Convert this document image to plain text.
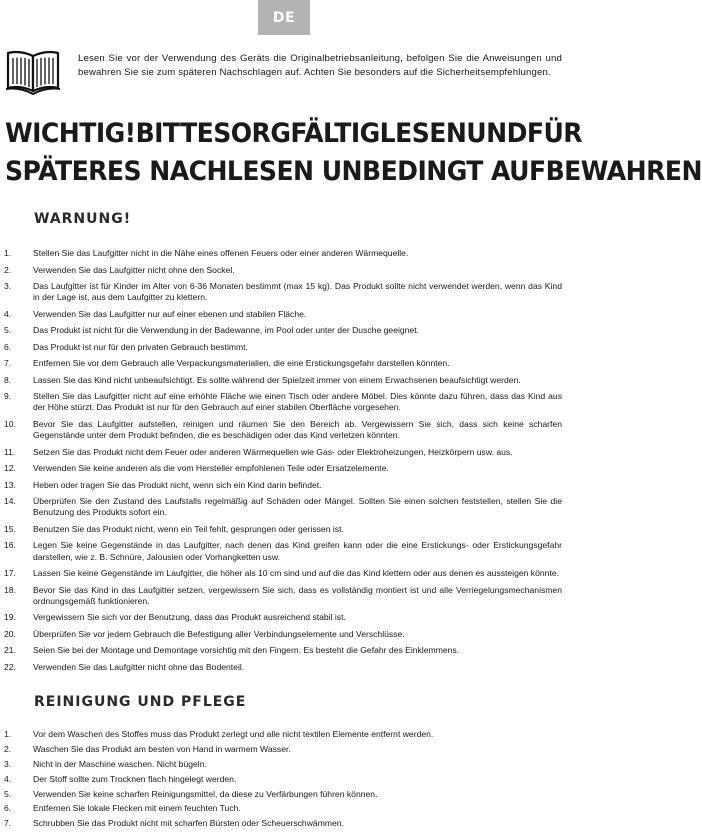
DE
Lesen Sie vor der Verwendung des Geräts die Originalbetriebsanleitung, befolgen Sie die Anweisungen und bewahren Sie sie zum späteren Nachschlagen auf. Achten Sie besonders auf die Sicherheitsempfehlungen.
WICHTIG! BITTE SORGFÄLTIG LESEN UND FÜR
SPÄTERES NACHLESEN UNBEDINGT AUFBEWAHREN
WARNUNG!
1.	Stellen Sie das Laufgitter nicht in die Nähe eines offenen Feuers oder einer anderen Wärmequelle.
2.	Verwenden Sie das Laufgitter nicht ohne den Sockel.
3.	Das Laufgitter ist für Kinder im Alter von 6-36 Monaten bestimmt (max 15 kg). Das Produkt sollte nicht verwendet werden, wenn das Kind in der Lage ist, aus dem Laufgitter zu klettern.
4.	Verwenden Sie das Laufgitter nur auf einer ebenen und stabilen Fläche.
5.	Das Produkt ist nicht für die Verwendung in der Badewanne, im Pool oder unter der Dusche geeignet.
6.	Das Produkt ist nur für den privaten Gebrauch bestimmt.
7.	Entfernen Sie vor dem Gebrauch alle Verpackungsmaterialien, die eine Erstickungsgefahr darstellen könnten.
8.	Lassen Sie das Kind nicht unbeaufsichtigt. Es sollte während der Spielzeit immer von einem Erwachsenen beaufsichtigt werden.
9.	Stellen Sie das Laufgitter nicht auf eine erhöhte Fläche wie einen Tisch oder andere Möbel. Dies könnte dazu führen, dass das Kind aus der Höhe stürzt. Das Produkt ist nur für den Gebrauch auf einer stabilen Oberfläche vorgesehen.
10. Bevor Sie das Laufgitter aufstellen, reinigen und räumen Sie den Bereich ab. Vergewissern Sie sich, dass sich keine scharfen Gegenstände unter dem Produkt befinden, die es beschädigen oder das Kind verletzen könnten.
11. Setzen Sie das Produkt nicht dem Feuer oder anderen Wärmequellen wie Gas- oder Elektroheizungen, Heizkörpern usw. aus.
12. Verwenden Sie keine anderen als die vom Hersteller empfohlenen Teile oder Ersatzelemente.
13. Heben oder tragen Sie das Produkt nicht, wenn sich ein Kind darin befindet.
14. Überprüfen Sie den Zustand des Laufstalls regelmäßig auf Schäden oder Mängel. Sollten Sie einen solchen feststellen, stellen Sie die Benutzung des Produkts sofort ein.
15. Benutzen Sie das Produkt nicht, wenn ein Teil fehlt, gesprungen oder gerissen ist.
16. Legen Sie keine Gegenstände in das Laufgitter, nach denen das Kind greifen kann oder die eine Erstickungs- oder Erstickungsgefahr darstellen, wie z. B. Schnüre, Jalousien oder Vorhangketten usw.
17. Lassen Sie keine Gegenstände im Laufgitter, die höher als 10 cm sind und auf die das Kind klettern oder aus denen es aussteigen könnte.
18. Bevor Sie das Kind in das Laufgitter setzen, vergewissern Sie sich, dass es vollständig montiert ist und alle Verriegelungsmechanismen ordnungsgemäß funktionieren.
19. Vergewissern Sie sich vor der Benutzung, dass das Produkt ausreichend stabil ist.
20. Überprüfen Sie vor jedem Gebrauch die Befestigung aller Verbindungselemente und Verschlüsse.
21. Seien Sie bei der Montage und Demontage vorsichtig mit den Fingern. Es besteht die Gefahr des Einklemmens.
22. Verwenden Sie das Laufgitter nicht ohne das Bodenteil.
REINIGUNG UND PFLEGE
1.	Vor dem Waschen des Stoffes muss das Produkt zerlegt und alle nicht textilen Elemente entfernt werden.
2.	Waschen Sie das Produkt am besten von Hand in warmem Wasser.
3.	Nicht in der Maschine waschen. Nicht bügeln.
4.	Der Stoff sollte zum Trocknen flach hingelegt werden.
5.	Verwenden Sie keine scharfen Reinigungsmittel, da diese zu Verfärbungen führen können.
6.	Entfernen Sie lokale Flecken mit einem feuchten Tuch.
7.	Schrubben Sie das Produkt nicht mit scharfen Bürsten oder Scheuerschwämmen.
